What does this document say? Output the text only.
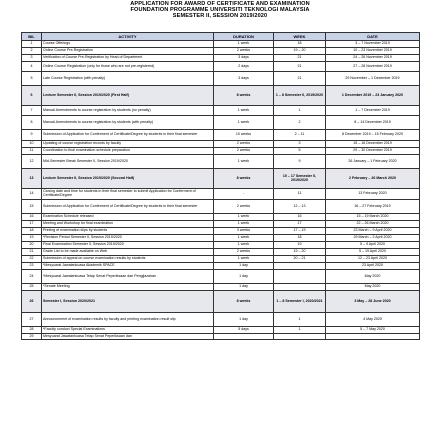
APPLICATION FOR AWARD OF CERTIFICATE AND EXAMINATION
FOUNDATION PROGRAMME UNIVERSITI TEKNOLOGI MALAYSIA
SEMESTER II, SESSION 2019/2020
BIL	ACTIVITY	DURATION	WEEK	DATE
1	Course Offerings	1 week	18	3 – 7 November 2019
2	Online Course Pre-Registration	2 weeks	19 – 20	10 – 23 November 2019
3	Verification of Course Pre-Registration by Head of Department	3 days	21	24 – 26 November 2019
4	Online Course Registration (only for those who are not pre-registered)	2 days	21	27 – 28 November 2019
5	Late Course Registration (with penalty)	3 days	21	29 November – 1 December 2019
6	Lecture Semester II, Session 2019/2020 (First Half)	8 weeks	1 – 8 Semester II, 2019/2020	1 December 2019 – 23 January 2020
7	Manual Amendments to course registration by students (no penalty)	1 week	1	1 – 7 December 2019
8	Manual Amendments to course registration by students (with penalty)	1 week	2	8 – 14 December 2019
9	Submission of Application for Conferment of Certificate/Degree by students in their final semester	10 weeks	2 – 11	8 December 2019 – 15 February 2020
10	Updating of course registration records by faculty	2 weeks	3	15 – 16 December 2019
11	Coordination to final examination schedule preparation	2 weeks	5	29 – 30 December 2019
12	Mid-Semester Break Semester II, Session 2019/2020	1 week	9	26 January – 1 February 2020
13	Lecture Semester II, Session 2019/2020 (Second Half)	8 weeks	10 – 17 Semester II, 2019/2020	2 February – 26 March 2020
14	Closing date and time for students in their final semester to submit Application for Conferment of Certificate/Degree	-	11	13 February 2020
15	Submission of Application for Conferment of Certificate/Degree by students in their final semester	2 weeks	12 – 13	16 – 27 February 2019
16	Examination Schedule released	1 week	16	15 – 19 March 2020
17	Meeting and Workshop for final examination	1 week	17	22 – 26 March 2020
18	Printing of examination slips by students	3 weeks	17 – 19	23 March – 9 April 2020
19	*Revision Period Semester II, Session 2019/2020	1 week	18	29 March – 2 April 2020
20	Final Examination Semester II, Session 2019/2020	1 week	19	5 – 9 April 2020
21	Grade List to be made available on Web	2 weeks	19 – 20	5 – 19 April 2020
22	Submission of appeal on course examination results by students	1 week	20 – 21	12 – 23 April 2020
23	*Mesyuarat Jawatankuasa Akademik SPACE	1 day		23 April 2020
24	*Mesyuarat Jawatankuasa Tetap Senat Peperiksaan dan Pengijazahan	1 day		May 2020
25	*Senate Meeting	1 day		May 2020
26	Semester I, Session 2020/2021	8 weeks	1 – 8 Semester I, 2020/2021	3 May – 28 June 2020
27	Announcement of examination results by faculty and printing examination result slip	1 day	1	4 May 2020
28	*Faculty conduct Special Examinations	5 days	1	5 – 7 May 2020
29	Mesyuarat Jawatankuasa Tetap Senat Peperiksaan dan			
